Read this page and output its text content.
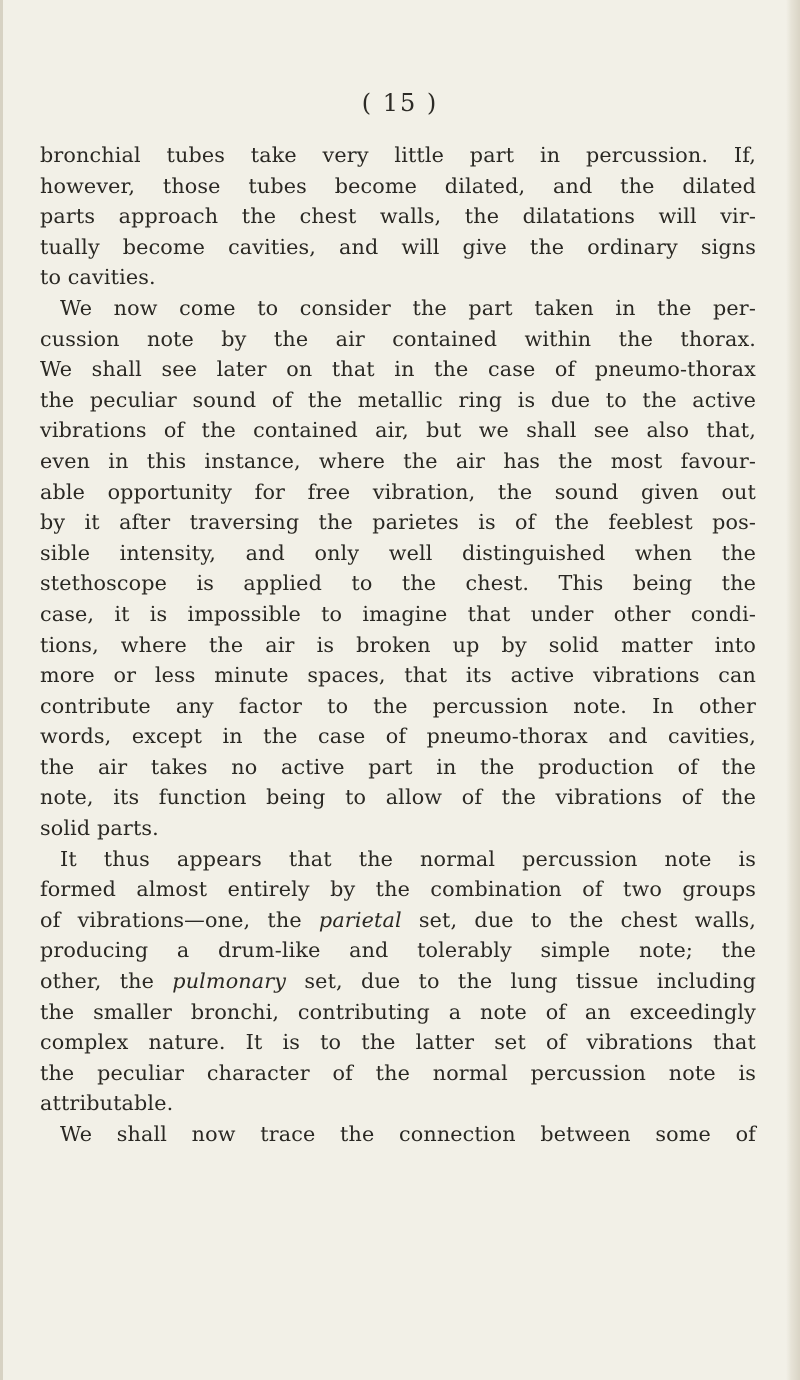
( 15 )
bronchial tubes take very little part in percussion. If,
however, those tubes become dilated, and the dilated
parts approach the chest walls, the dilatations will vir-
tually become cavities, and will give the ordinary signs
to cavities.
We now come to consider the part taken in the per-
cussion note by the air contained within the thorax.
We shall see later on that in the case of pneumo-thorax
the peculiar sound of the metallic ring is due to the active
vibrations of the contained air, but we shall see also that,
even in this instance, where the air has the most favour-
able opportunity for free vibration, the sound given out
by it after traversing the parietes is of the feeblest pos-
sible intensity, and only well distinguished when the
stethoscope is applied to the chest. This being the
case, it is impossible to imagine that under other condi-
tions, where the air is broken up by solid matter into
more or less minute spaces, that its active vibrations can
contribute any factor to the percussion note. In other
words, except in the case of pneumo-thorax and cavities,
the air takes no active part in the production of the
note, its function being to allow of the vibrations of the
solid parts.
It thus appears that the normal percussion note is
formed almost entirely by the combination of two groups
of vibrations—one, the parietal set, due to the chest walls,
producing a drum-like and tolerably simple note; the
other, the pulmonary set, due to the lung tissue including
the smaller bronchi, contributing a note of an exceedingly
complex nature. It is to the latter set of vibrations that
the peculiar character of the normal percussion note is
attributable.
We shall now trace the connection between some of
